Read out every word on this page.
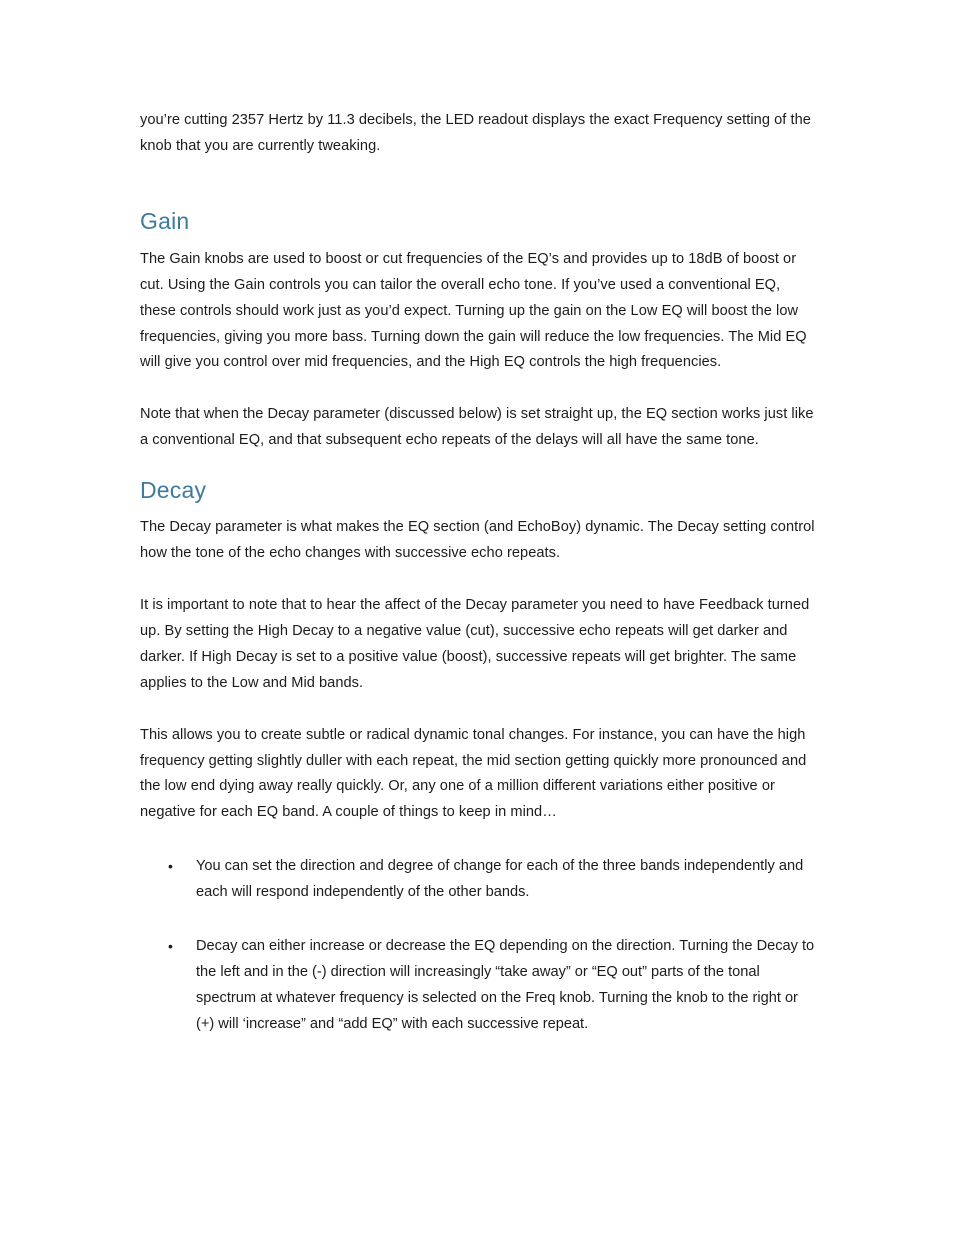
you’re cutting 2357 Hertz by 11.3 decibels, the LED readout displays the exact Frequency setting of the knob that you are currently tweaking.

Gain

The Gain knobs are used to boost or cut frequencies of the EQ’s and provides up to 18dB of boost or cut. Using the Gain controls you can tailor the overall echo tone. If you’ve used a conventional EQ, these controls should work just as you’d expect. Turning up the gain on the Low EQ will boost the low frequencies, giving you more bass. Turning down the gain will reduce the low frequencies. The Mid EQ will give you control over mid frequencies, and the High EQ controls the high frequencies.

Note that when the Decay parameter (discussed below) is set straight up, the EQ section works just like a conventional EQ, and that subsequent echo repeats of the delays will all have the same tone.

Decay

The Decay parameter is what makes the EQ section (and EchoBoy) dynamic. The Decay setting control how the tone of the echo changes with successive echo repeats.

It is important to note that to hear the affect of the Decay parameter you need to have Feedback turned up. By setting the High Decay to a negative value (cut), successive echo repeats will get darker and darker. If High Decay is set to a positive value (boost), successive repeats will get brighter. The same applies to the Low and Mid bands.

This allows you to create subtle or radical dynamic tonal changes. For instance, you can have the high frequency getting slightly duller with each repeat, the mid section getting quickly more pronounced and the low end dying away really quickly. Or, any one of a million different variations either positive or negative for each EQ band. A couple of things to keep in mind…

• You can set the direction and degree of change for each of the three bands independently and each will respond independently of the other bands.
• Decay can either increase or decrease the EQ depending on the direction. Turning the Decay to the left and in the (-) direction will increasingly “take away” or “EQ out” parts of the tonal spectrum at whatever frequency is selected on the Freq knob. Turning the knob to the right or (+) will ‘increase” and “add EQ” with each successive repeat.
